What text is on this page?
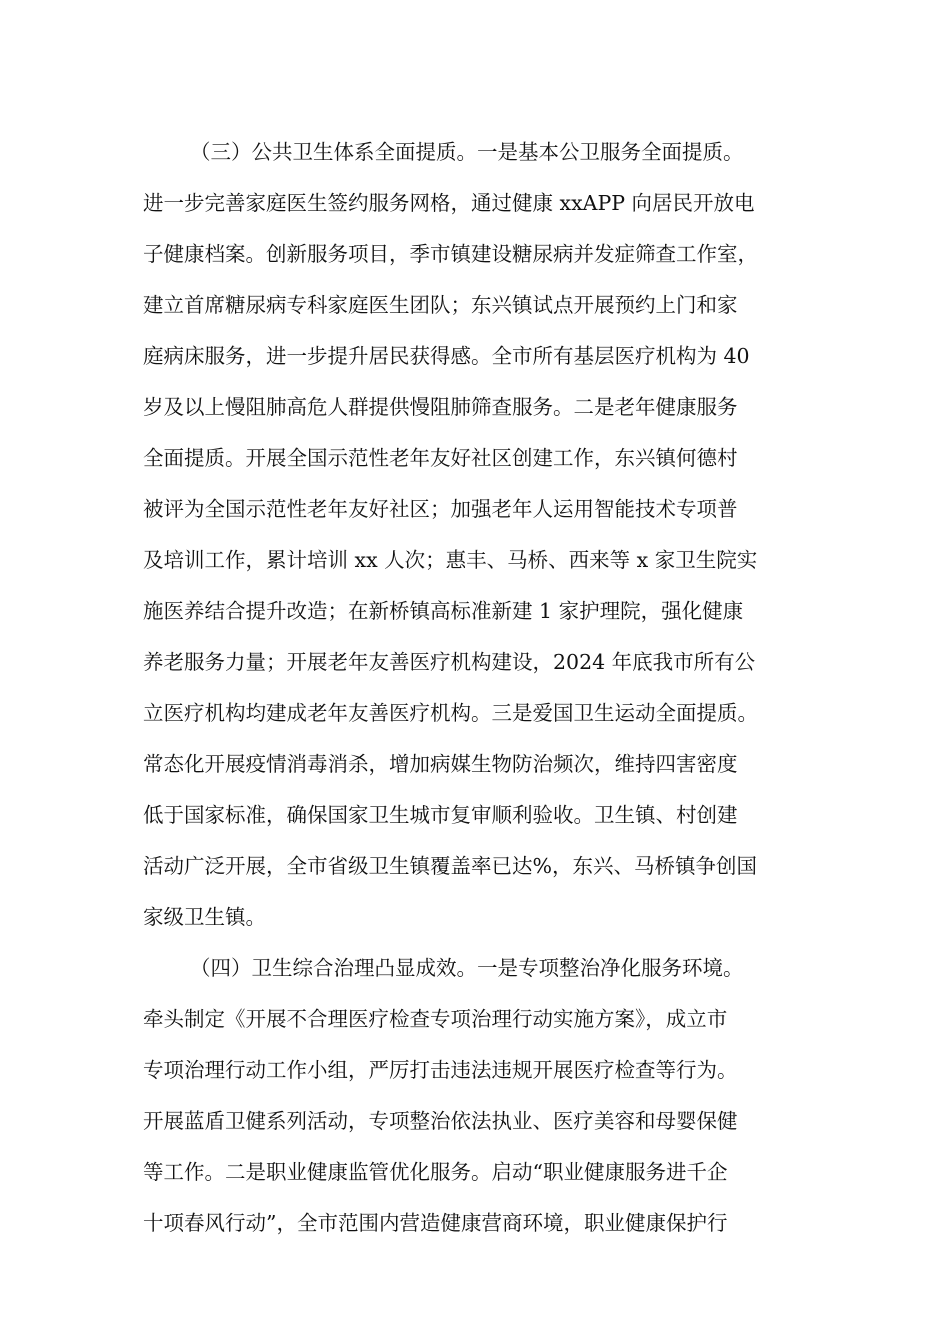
（三）公共卫生体系全面提质。一是基本公卫服务全面提质。
进一步完善家庭医生签约服务网格，通过健康 xxAPP 向居民开放电
子健康档案。创新服务项目，季市镇建设糖尿病并发症筛查工作室，
建立首席糖尿病专科家庭医生团队；东兴镇试点开展预约上门和家
庭病床服务，进一步提升居民获得感。全市所有基层医疗机构为 40
岁及以上慢阻肺高危人群提供慢阻肺筛查服务。二是老年健康服务
全面提质。开展全国示范性老年友好社区创建工作，东兴镇何德村
被评为全国示范性老年友好社区；加强老年人运用智能技术专项普
及培训工作，累计培训 xx 人次；惠丰、马桥、西来等 x 家卫生院实
施医养结合提升改造；在新桥镇高标准新建 1 家护理院，强化健康
养老服务力量；开展老年友善医疗机构建设，2024 年底我市所有公
立医疗机构均建成老年友善医疗机构。三是爱国卫生运动全面提质。
常态化开展疫情消毒消杀，增加病媒生物防治频次，维持四害密度
低于国家标准，确保国家卫生城市复审顺利验收。卫生镇、村创建
活动广泛开展，全市省级卫生镇覆盖率已达%，东兴、马桥镇争创国
家级卫生镇。
（四）卫生综合治理凸显成效。一是专项整治净化服务环境。
牵头制定《开展不合理医疗检查专项治理行动实施方案》，成立市
专项治理行动工作小组，严厉打击违法违规开展医疗检查等行为。
开展蓝盾卫健系列活动，专项整治依法执业、医疗美容和母婴保健
等工作。二是职业健康监管优化服务。启动“职业健康服务进千企
十项春风行动”，全市范围内营造健康营商环境，职业健康保护行
